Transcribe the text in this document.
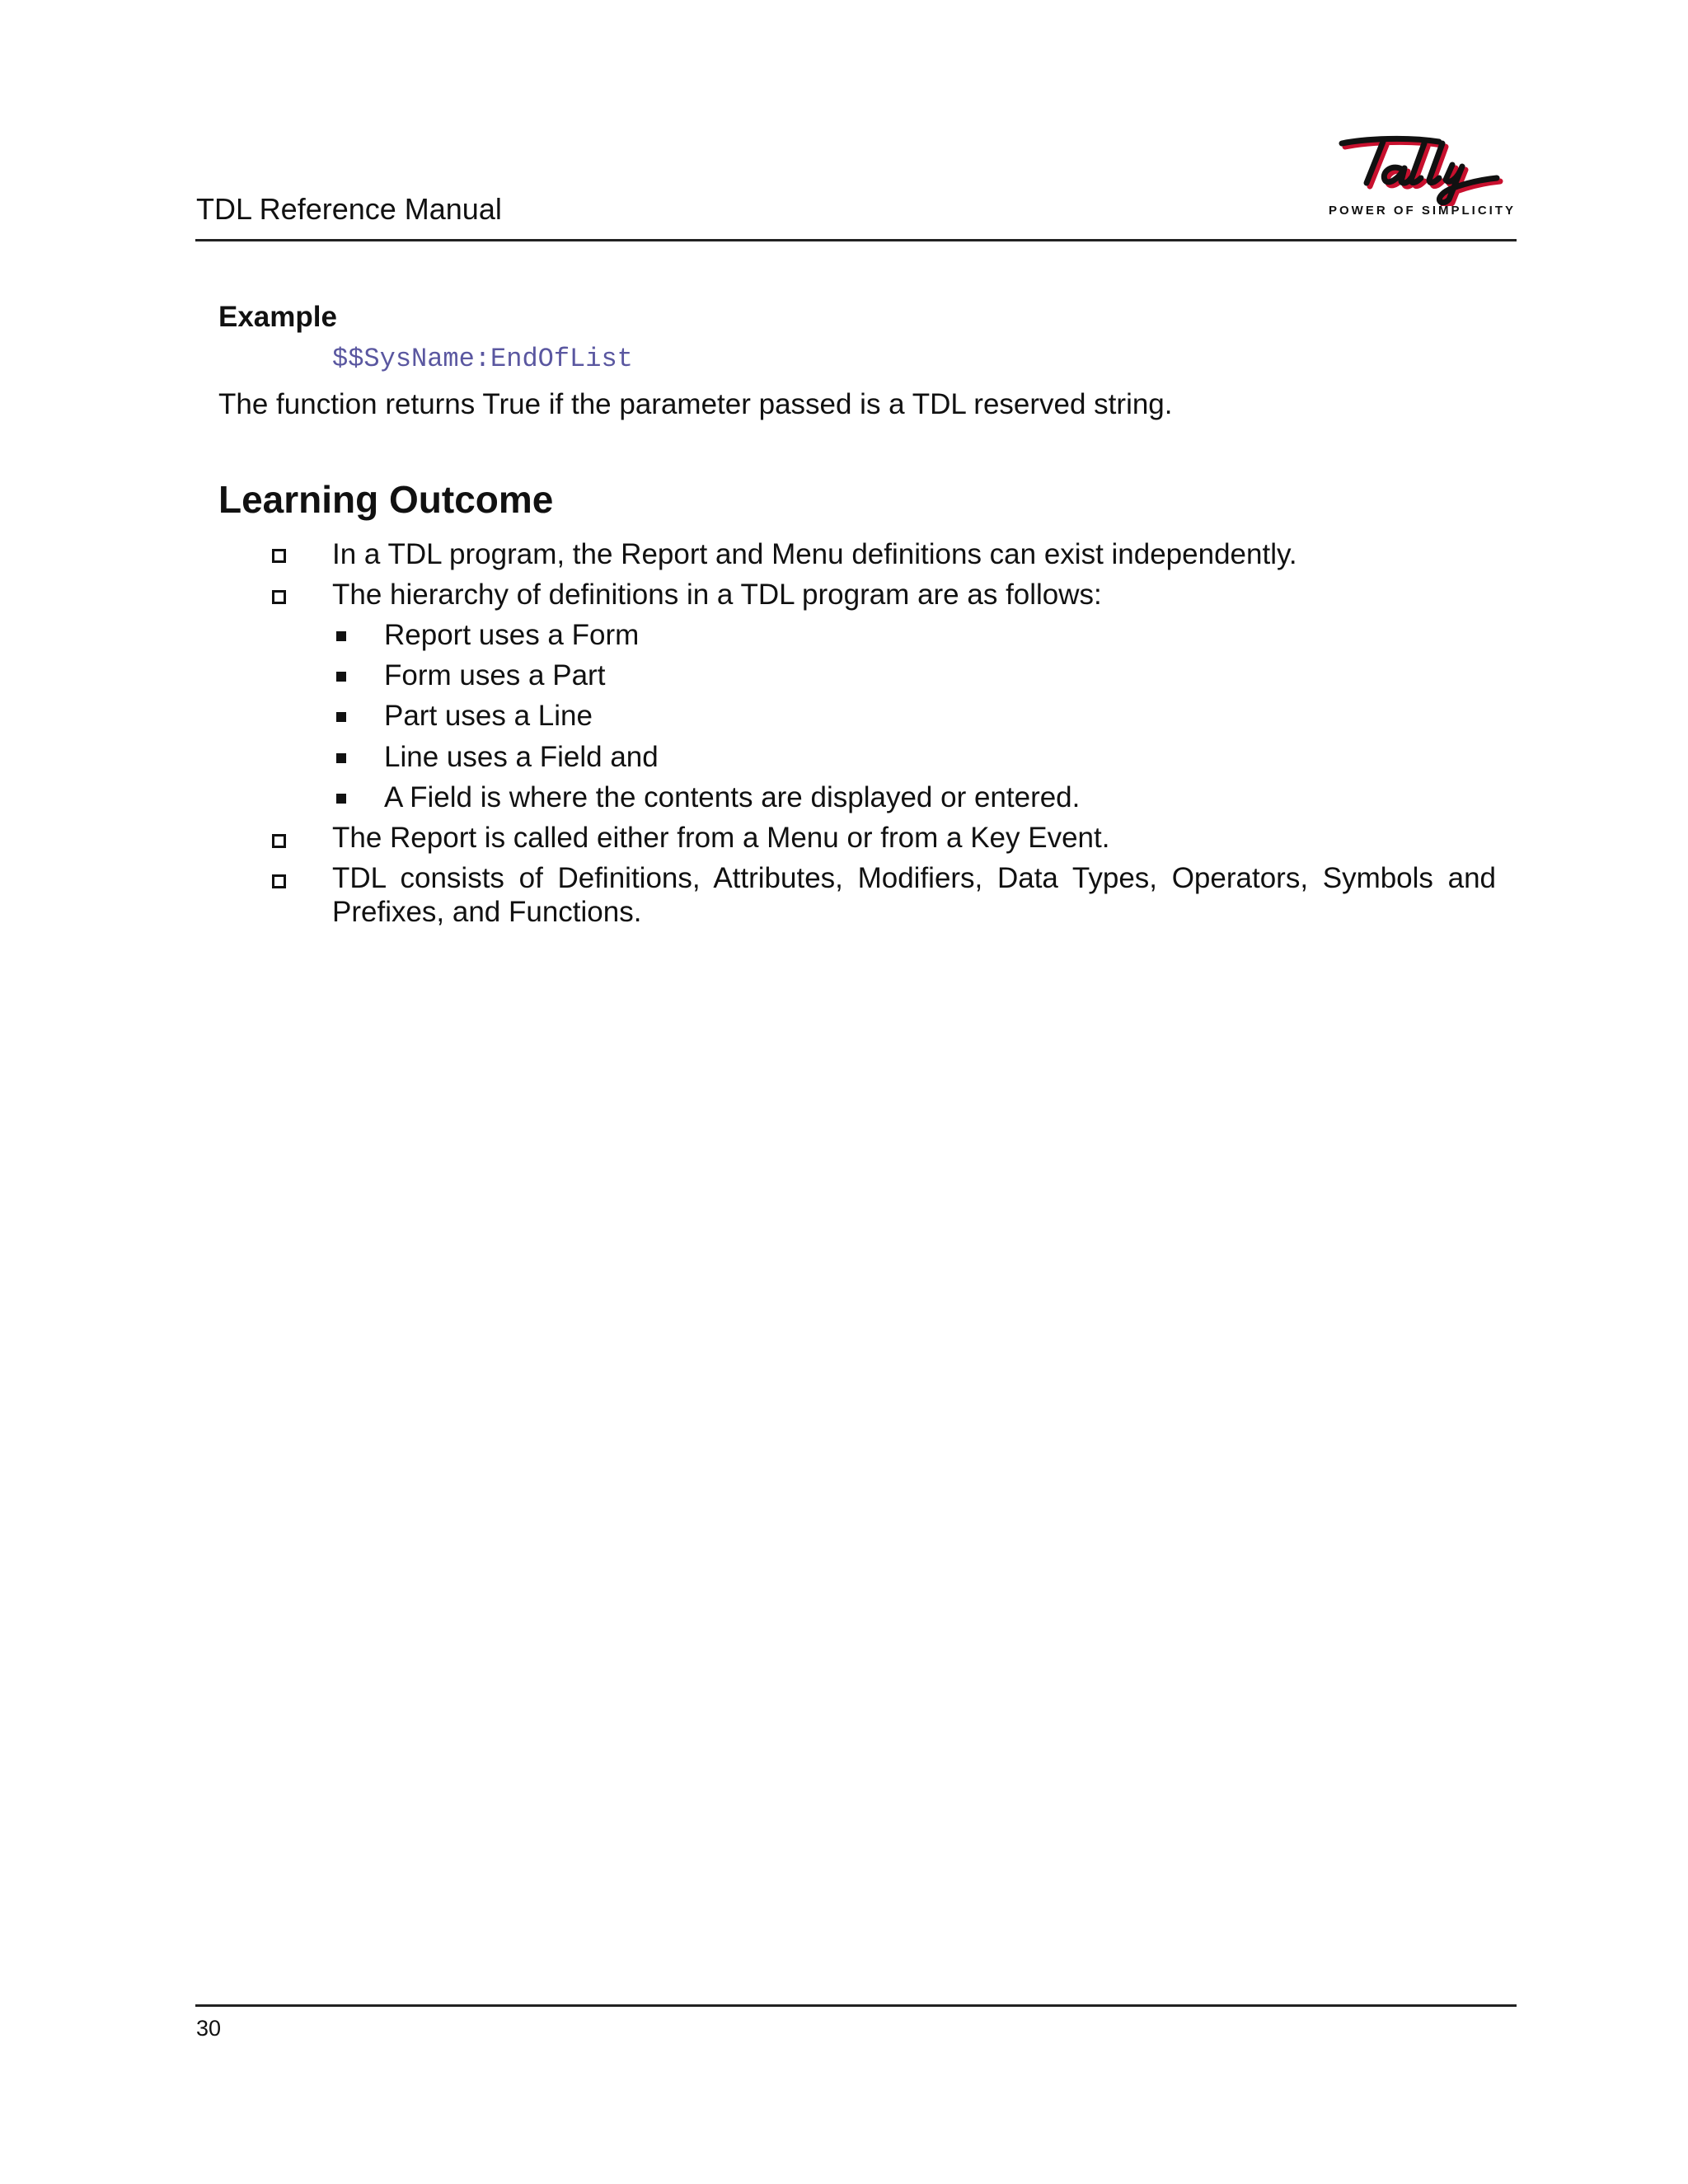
TDL Reference Manual	POWER OF SIMPLICITY
Example
$$SysName:EndOfList
The function returns True if the parameter passed is a TDL reserved string.
Learning Outcome
In a TDL program, the Report and Menu definitions can exist independently.
The hierarchy of definitions in a TDL program are as follows:
Report uses a Form
Form uses a Part
Part uses a Line
Line uses a Field and
A Field is where the contents are displayed or entered.
The Report is called either from a Menu or from a Key Event.
TDL consists of Definitions, Attributes, Modifiers, Data Types, Operators, Symbols and Prefixes, and Functions.
30
